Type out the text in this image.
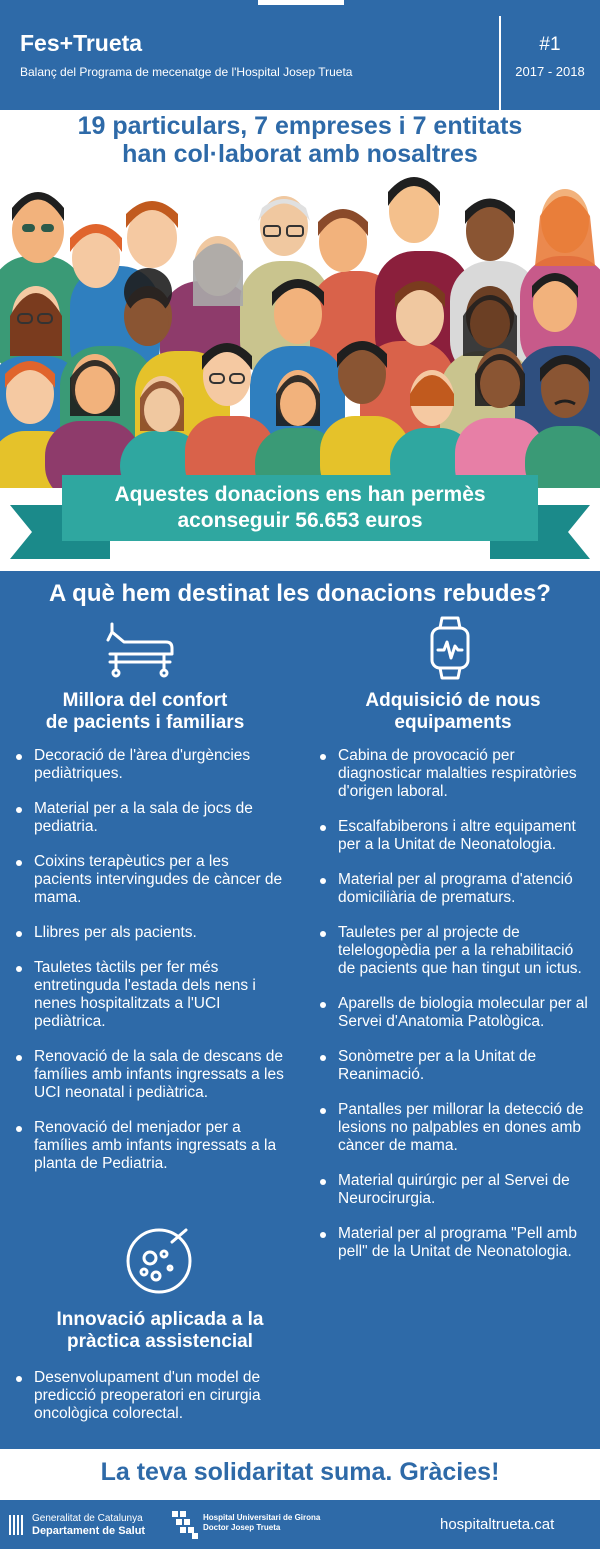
Fes+Trueta
Balanç del Programa de mecenatge de l'Hospital Josep Trueta
#1
2017 - 2018
19 particulars, 7 empreses i 7 entitats
han col·laborat amb nosaltres
Aquestes donacions ens han permès
aconseguir 56.653 euros
A què hem destinat les donacions rebudes?
Millora del confort
de pacients i familiars
Decoració de l'àrea d'urgències pediàtriques.
Material per a la sala de jocs de pediatria.
Coixins terapèutics per a les pacients intervingudes de càncer de mama.
Llibres per als pacients.
Tauletes tàctils per fer més entretinguda l'estada dels nens i nenes hospitalitzats a l'UCI pediàtrica.
Renovació de la sala de descans de famílies amb infants ingressats a les UCI neonatal i pediàtrica.
Renovació del menjador per a famílies amb infants ingressats a la planta de Pediatria.
Adquisició de nous
equipaments
Cabina de provocació per diagnosticar malalties respiratòries d'origen laboral.
Escalfabiberons i altre equipament per a la Unitat de Neonatologia.
Material per al programa d'atenció domiciliària de prematurs.
Tauletes per al projecte de telelogopèdia per a la rehabilitació de pacients que han tingut un ictus.
Aparells de biologia molecular per al Servei d'Anatomia Patològica.
Sonòmetre per a la Unitat de Reanimació.
Pantalles per millorar la detecció de lesions no palpables en dones amb càncer de mama.
Material quirúrgic per al Servei de Neurocirurgia.
Material per al programa "Pell amb pell" de la Unitat de Neonatologia.
Innovació aplicada a la
pràctica assistencial
Desenvolupament d'un model de predicció preoperatori en cirurgia oncològica colorectal.
La teva solidaritat suma. Gràcies!
Generalitat de Catalunya
Departament de Salut
Hospital Universitari de Girona
Doctor Josep Trueta	hospitaltrueta.cat
